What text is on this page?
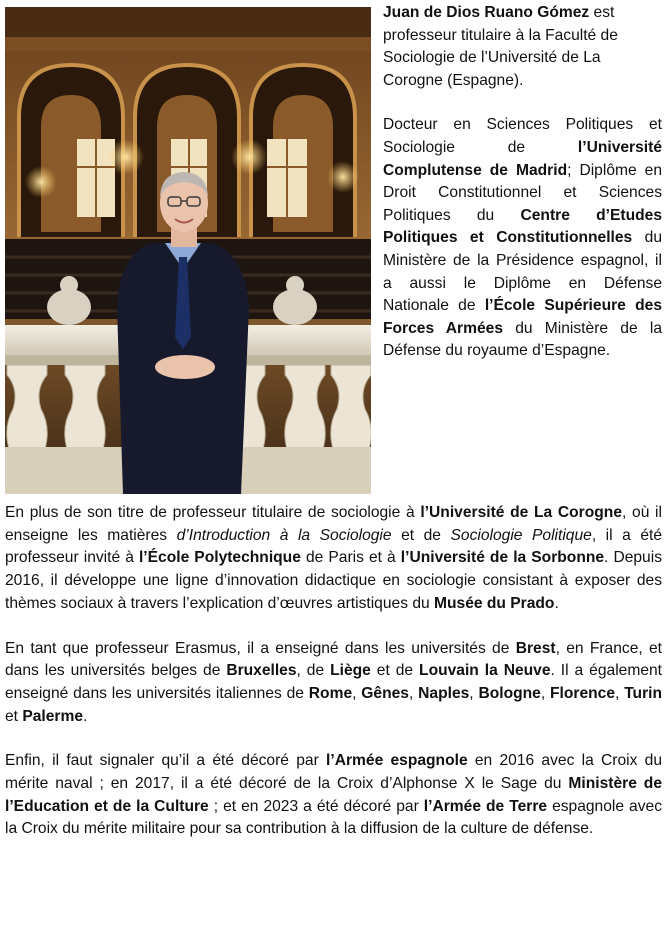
Juan de Dios Ruano Gómez est professeur titulaire à la Faculté de Sociologie de l’Université de La Corogne (Espagne).

Docteur en Sciences Politiques et Sociologie de l’Université Complutense de Madrid; Diplôme en Droit Constitutionnel et Sciences Politiques du Centre d’Etudes Politiques et Constitutionnelles du Ministère de la Présidence espagnol, il a aussi le Diplôme en Défense Nationale de l’École Supérieure des Forces Armées du Ministère de la Défense du royaume d’Espagne.

En plus de son titre de professeur titulaire de sociologie à l’Université de La Corogne, où il enseigne les matières d’Introduction à la Sociologie et de Sociologie Politique, il a été professeur invité à l’École Polytechnique de Paris et à l’Université de la Sorbonne. Depuis 2016, il développe une ligne d’innovation didactique en sociologie consistant à exposer des thèmes sociaux à travers l’explication d’œuvres artistiques du Musée du Prado.

En tant que professeur Erasmus, il a enseigné dans les universités de Brest, en France, et dans les universités belges de Bruxelles, de Liège et de Louvain la Neuve. Il a également enseigné dans les universités italiennes de Rome, Gênes, Naples, Bologne, Florence, Turin et Palerme.

Enfin, il faut signaler qu’il a été décoré par l’Armée espagnole en 2016 avec la Croix du mérite naval ; en 2017, il a été décoré de la Croix d’Alphonse X le Sage du Ministère de l’Education et de la Culture ; et en 2023 a été décoré par l’Armée de Terre espagnole avec la Croix du mérite militaire pour sa contribution à la diffusion de la culture de défense.
